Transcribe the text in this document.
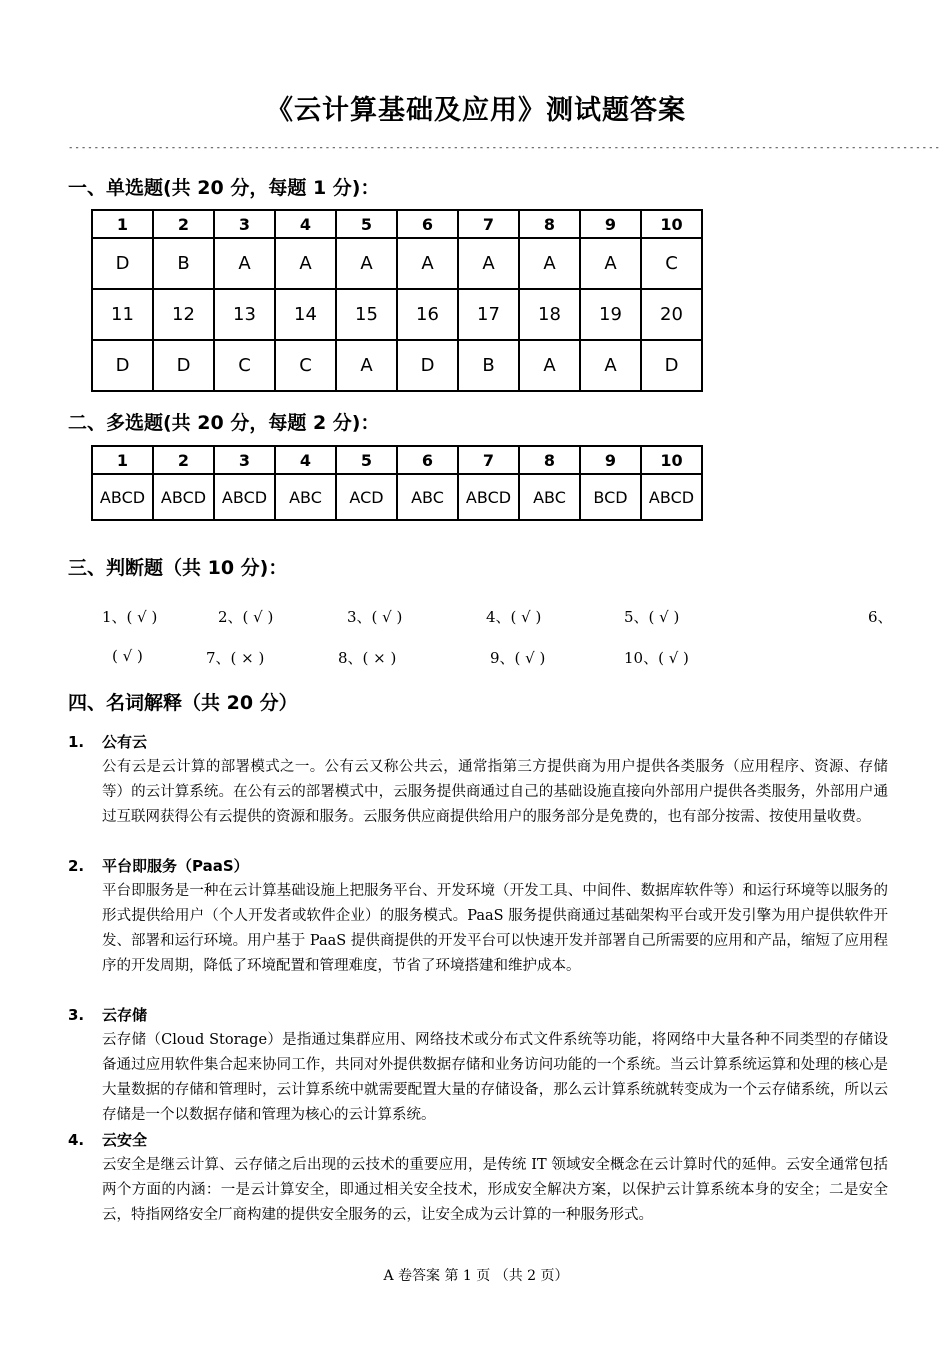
《云计算基础及应用》测试题答案
----------------------------------------------------------------------------------------------------------------------------------------
一、单选题(共 20 分，每题 1 分)：
1	2	3	4	5	6	7	8	9	10
D	B	A	A	A	A	A	A	A	C
11	12	13	14	15	16	17	18	19	20
D	D	C	C	A	D	B	A	A	D
二、多选题(共 20 分，每题 2 分)：
1	2	3	4	5	6	7	8	9	10
ABCD	ABCD	ABCD	ABC	ACD	ABC	ABCD	ABC	BCD	ABCD
三、判断题（共 10 分)：
1、( √ )	2、( √ )	3、( √ )	4、( √ )	5、( √ )	6、
( √ )	7、( × )	8、( × )	9、( √ )	10、( √ )
四、名词解释（共 20 分）
1. 公有云
公有云是云计算的部署模式之一。公有云又称公共云，通常指第三方提供商为用户提供各类服务（应用程序、资源、存储等）的云计算系统。在公有云的部署模式中，云服务提供商通过自己的基础设施直接向外部用户提供各类服务，外部用户通过互联网获得公有云提供的资源和服务。云服务供应商提供给用户的服务部分是免费的，也有部分按需、按使用量收费。
2. 平台即服务（PaaS）
平台即服务是一种在云计算基础设施上把服务平台、开发环境（开发工具、中间件、数据库软件等）和运行环境等以服务的形式提供给用户（个人开发者或软件企业）的服务模式。PaaS 服务提供商通过基础架构平台或开发引擎为用户提供软件开发、部署和运行环境。用户基于 PaaS 提供商提供的开发平台可以快速开发并部署自己所需要的应用和产品，缩短了应用程序的开发周期，降低了环境配置和管理难度，节省了环境搭建和维护成本。
3. 云存储
云存储（Cloud Storage）是指通过集群应用、网络技术或分布式文件系统等功能，将网络中大量各种不同类型的存储设备通过应用软件集合起来协同工作，共同对外提供数据存储和业务访问功能的一个系统。当云计算系统运算和处理的核心是大量数据的存储和管理时，云计算系统中就需要配置大量的存储设备，那么云计算系统就转变成为一个云存储系统，所以云存储是一个以数据存储和管理为核心的云计算系统。
4. 云安全
云安全是继云计算、云存储之后出现的云技术的重要应用，是传统 IT 领域安全概念在云计算时代的延伸。云安全通常包括两个方面的内涵：一是云计算安全，即通过相关安全技术，形成安全解决方案，以保护云计算系统本身的安全；二是安全云，特指网络安全厂商构建的提供安全服务的云，让安全成为云计算的一种服务形式。
A 卷答案 第 1 页 （共 2 页）
